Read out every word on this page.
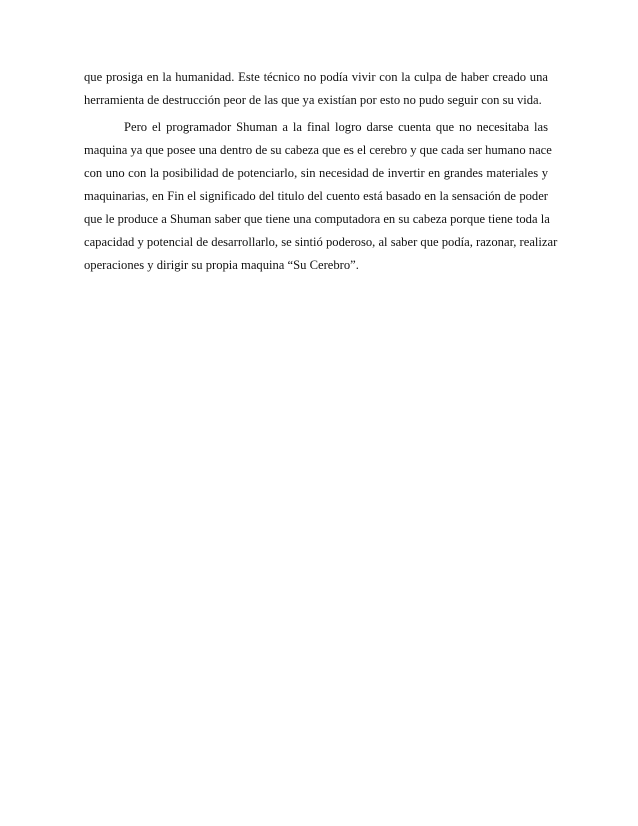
que prosiga en la humanidad. Este técnico no podía vivir con la culpa de haber creado una
herramienta de destrucción peor de las que ya existían por esto no pudo seguir con su vida.
Pero el programador Shuman a la final logro darse cuenta que no necesitaba las
maquina ya que posee una dentro de su cabeza que es el cerebro y que cada ser humano nace
con uno con la posibilidad de potenciarlo, sin necesidad de invertir en grandes materiales y
maquinarias, en Fin el significado del titulo del cuento está basado en la sensación de poder
que le produce a Shuman saber que tiene una computadora en su cabeza porque tiene toda la
capacidad y potencial de desarrollarlo, se sintió poderoso, al saber que podía, razonar, realizar
operaciones y dirigir su propia maquina “Su Cerebro”.
